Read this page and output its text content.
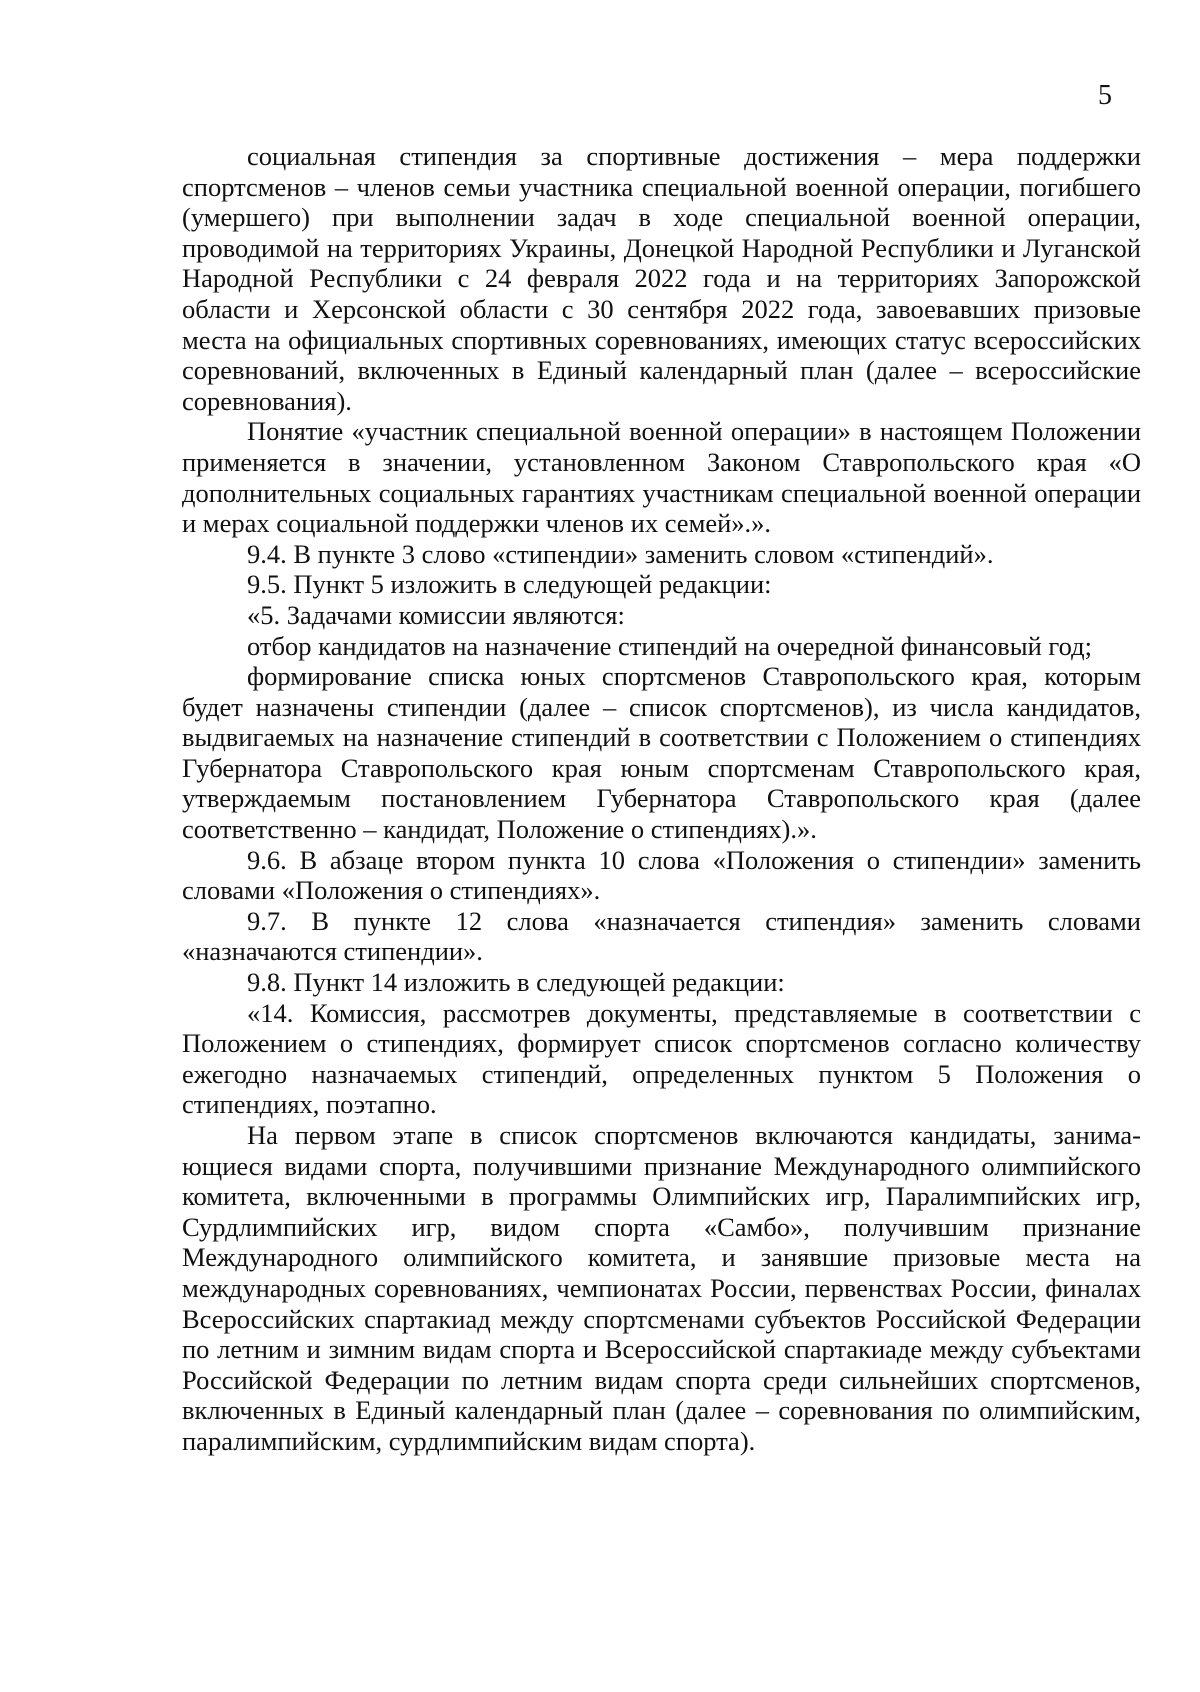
5

социальная стипендия за спортивные достижения – мера поддержки спортсменов – членов семьи участника специальной военной операции, погибшего (умершего) при выполнении задач в ходе специальной военной операции, проводимой на территориях Украины, Донецкой Народной Республики и Луганской Народной Республики с 24 февраля 2022 года и на территориях Запорожской области и Херсонской области с 30 сентября 2022 года, завоевавших призовые места на официальных спортивных соревнованиях, имеющих статус всероссийских соревнований, включенных в Единый календарный план (далее – всероссийские соревнования).

Понятие «участник специальной военной операции» в настоящем Положении применяется в значении, установленном Законом Ставропольского края «О дополнительных социальных гарантиях участникам специальной военной операции и мерах социальной поддержки членов их семей».».

9.4. В пункте 3 слово «стипендии» заменить словом «стипендий».

9.5. Пункт 5 изложить в следующей редакции:

«5. Задачами комиссии являются:

отбор кандидатов на назначение стипендий на очередной финансовый год;

формирование списка юных спортсменов Ставропольского края, которым будет назначены стипендии (далее – список спортсменов), из числа кандидатов, выдвигаемых на назначение стипендий в соответствии с Положением о стипендиях Губернатора Ставропольского края юным спортсменам Ставропольского края, утверждаемым постановлением Губернатора Ставропольского края (далее соответственно – кандидат, Положение о стипендиях).».

9.6. В абзаце втором пункта 10 слова «Положения о стипендии» заменить словами «Положения о стипендиях».

9.7. В пункте 12 слова «назначается стипендия» заменить словами «назначаются стипендии».

9.8. Пункт 14 изложить в следующей редакции:

«14. Комиссия, рассмотрев документы, представляемые в соответствии с Положением о стипендиях, формирует список спортсменов согласно количеству ежегодно назначаемых стипендий, определенных пунктом 5 Положения о стипендиях, поэтапно.

На первом этапе в список спортсменов включаются кандидаты, занимающиеся видами спорта, получившими признание Международного олимпийского комитета, включенными в программы Олимпийских игр, Паралимпийских игр, Сурдлимпийских игр, видом спорта «Самбо», получившим признание Международного олимпийского комитета, и занявшие призовые места на международных соревнованиях, чемпионатах России, первенствах России, финалах Всероссийских спартакиад между спортсменами субъектов Российской Федерации по летним и зимним видам спорта и Всероссийской спартакиаде между субъектами Российской Федерации по летним видам спорта среди сильнейших спортсменов, включенных в Единый календарный план (далее – соревнования по олимпийским, паралимпийским, сурдлимпийским видам спорта).
